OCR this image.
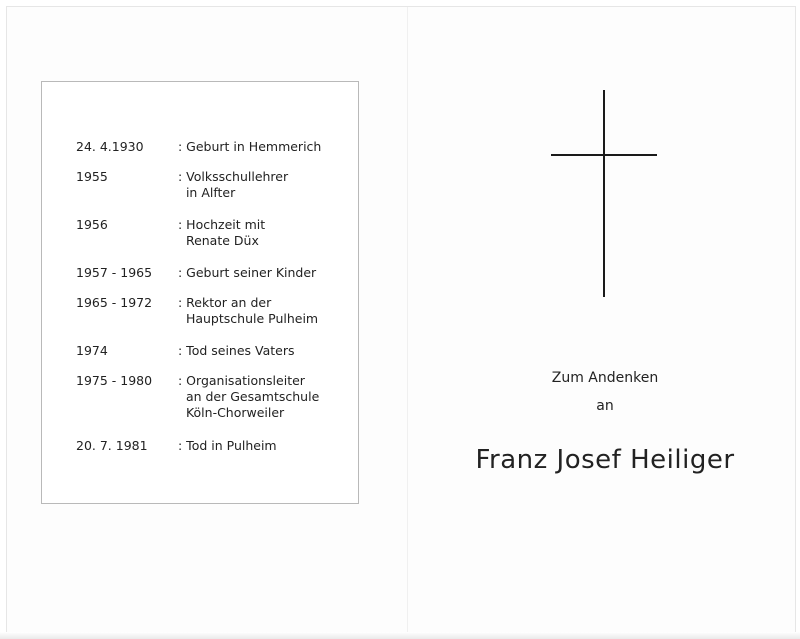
24. 4.1930	: Geburt in Hemmerich
1955	: Volksschullehrer
in Alfter
1956	: Hochzeit mit
Renate Düx
1957 - 1965 : Geburt seiner Kinder
1965 - 1972 : Rektor an der
Hauptschule Pulheim
1974	: Tod seines Vaters
1975 - 1980 : Organisationsleiter
an der Gesamtschule
Köln-Chorweiler
20. 7. 1981 : Tod in Pulheim
Zum Andenken
an
Franz Josef Heiliger
